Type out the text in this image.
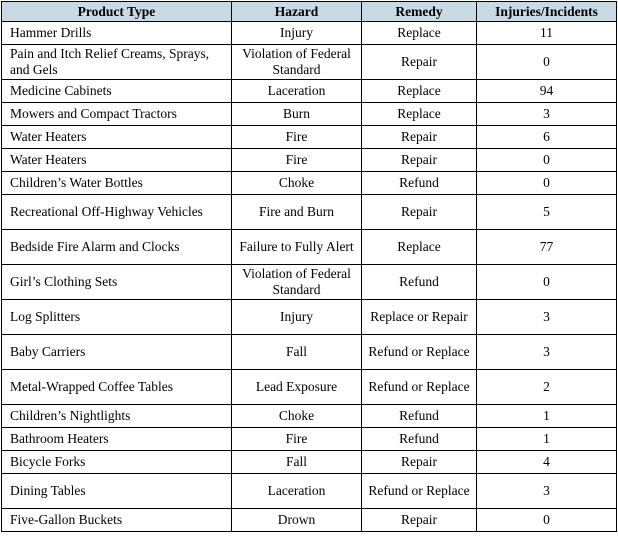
Product Type	Hazard	Remedy	Injuries/Incidents
Hammer Drills	Injury	Replace	11
Pain and Itch Relief Creams, Sprays, and Gels	Violation of Federal Standard	Repair	0
Medicine Cabinets	Laceration	Replace	94
Mowers and Compact Tractors	Burn	Replace	3
Water Heaters	Fire	Repair	6
Water Heaters	Fire	Repair	0
Children’s Water Bottles	Choke	Refund	0
Recreational Off-Highway Vehicles	Fire and Burn	Repair	5
Bedside Fire Alarm and Clocks	Failure to Fully Alert	Replace	77
Girl’s Clothing Sets	Violation of Federal Standard	Refund	0
Log Splitters	Injury	Replace or Repair	3
Baby Carriers	Fall	Refund or Replace	3
Metal-Wrapped Coffee Tables	Lead Exposure	Refund or Replace	2
Children’s Nightlights	Choke	Refund	1
Bathroom Heaters	Fire	Refund	1
Bicycle Forks	Fall	Repair	4
Dining Tables	Laceration	Refund or Replace	3
Five-Gallon Buckets	Drown	Repair	0
